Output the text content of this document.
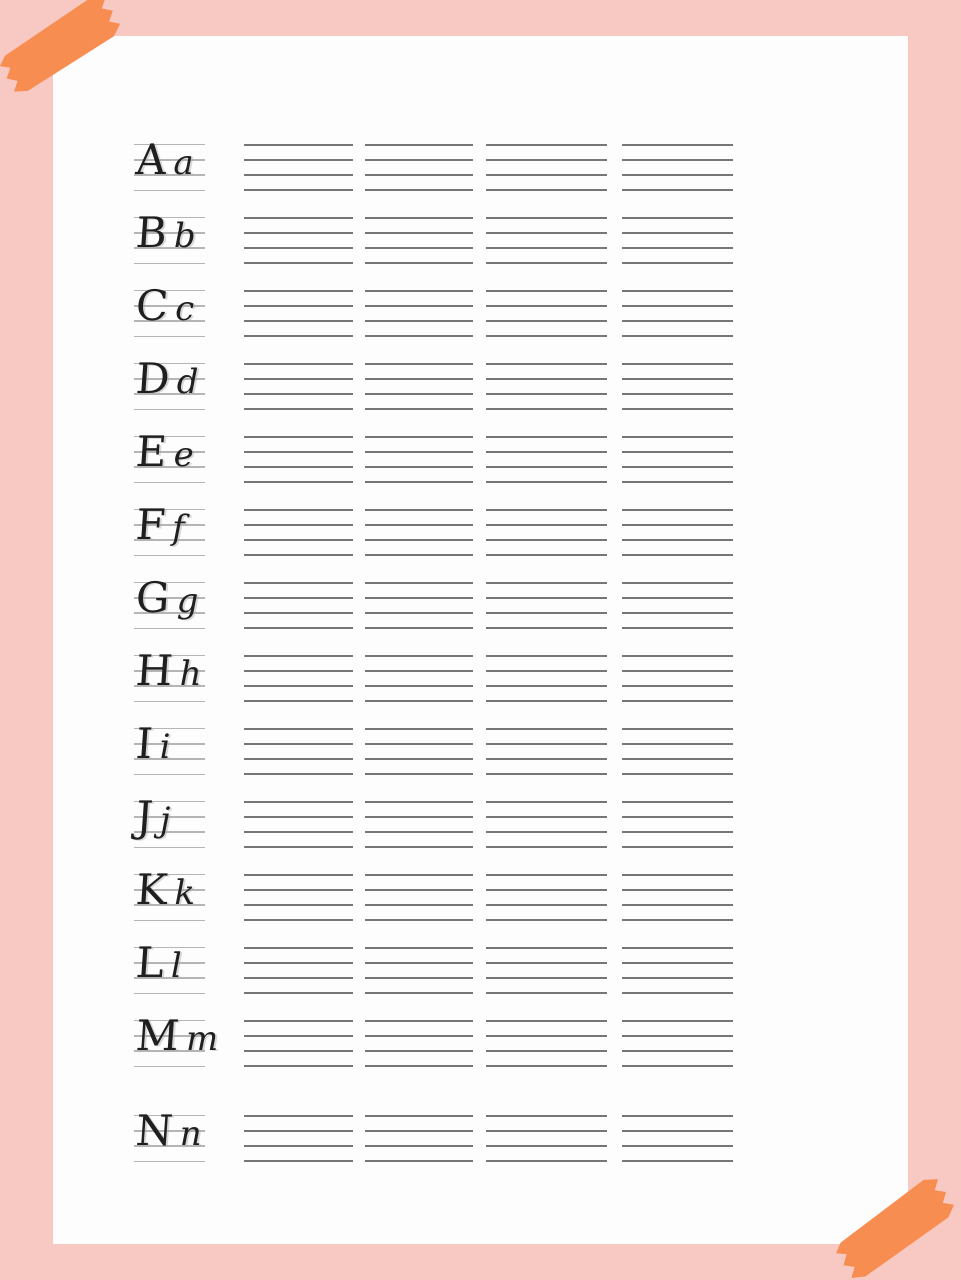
A a
B b
C c
D d
E e
F f
G g
H h
I i
J j
K k
L l
M m
N n
